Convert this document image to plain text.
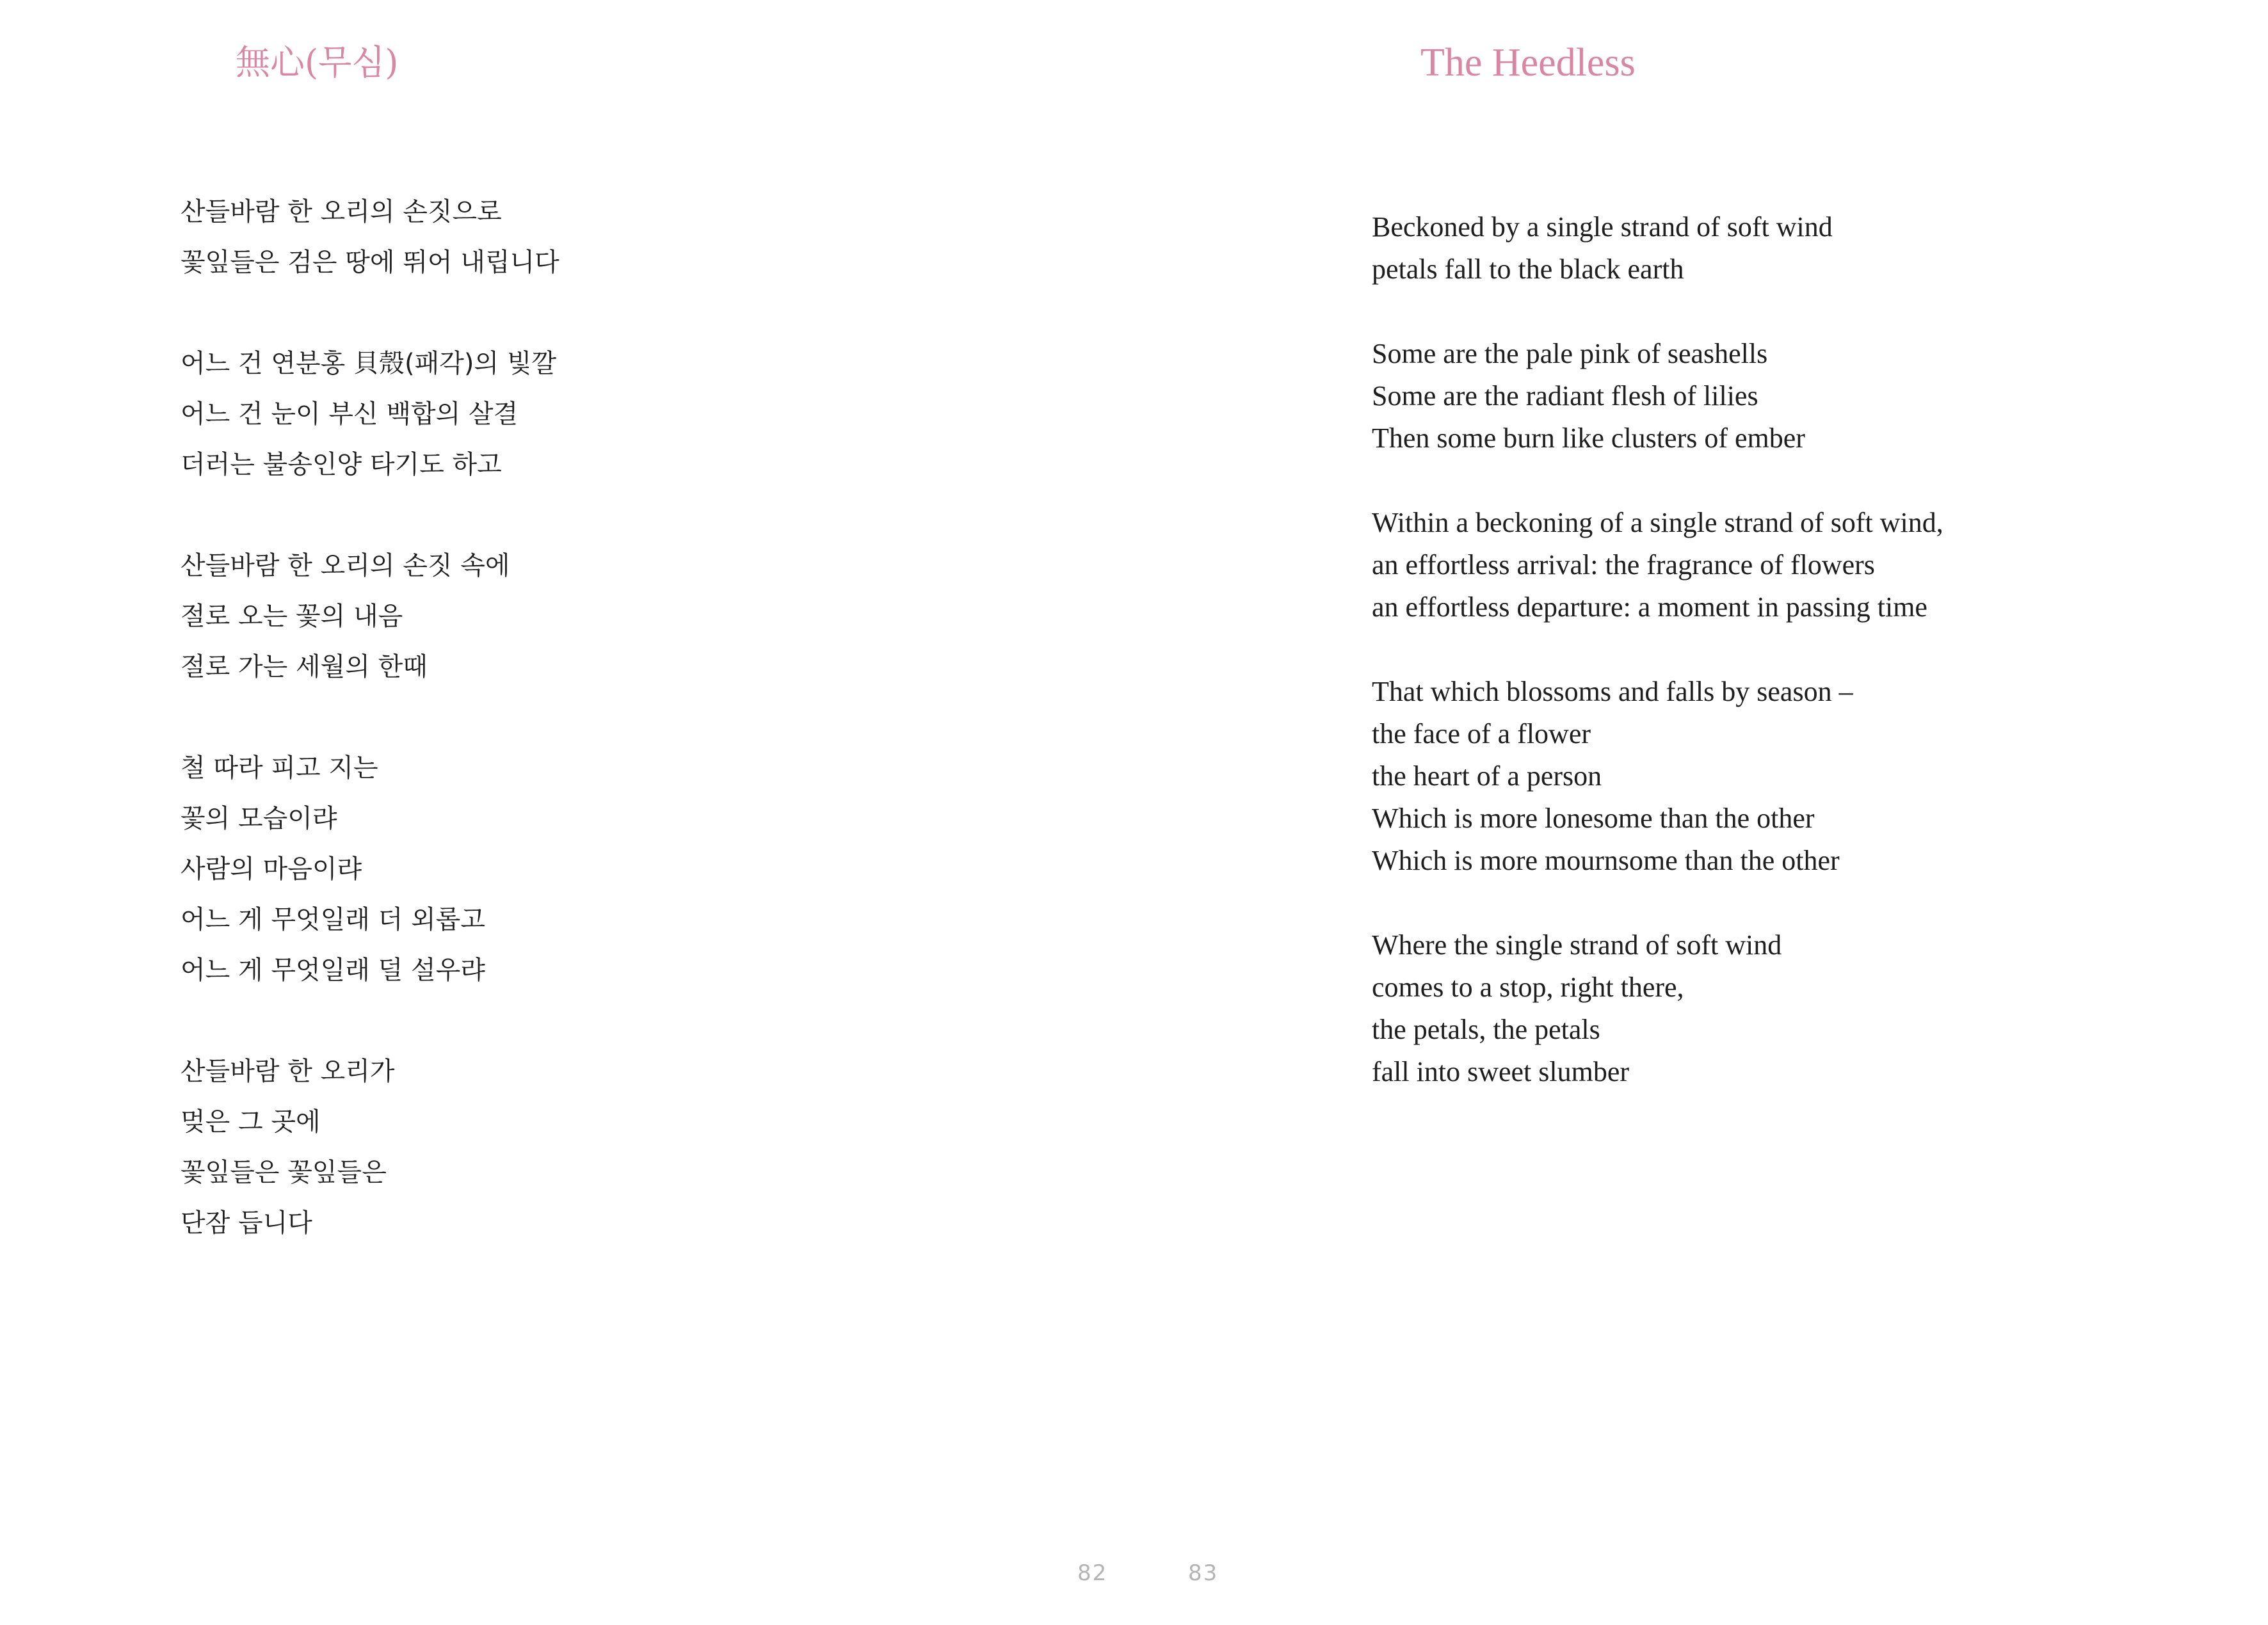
無心(무심)
산들바람 한 오리의 손짓으로
꽃잎들은 검은 땅에 뛰어 내립니다
어느 건 연분홍 貝殼(패각)의 빛깔
어느 건 눈이 부신 백합의 살결
더러는 불송인양 타기도 하고
산들바람 한 오리의 손짓 속에
절로 오는 꽃의 내음
절로 가는 세월의 한때
철 따라 피고 지는
꽃의 모습이랴
사람의 마음이랴
어느 게 무엇일래 더 외롭고
어느 게 무엇일래 덜 설우랴
산들바람 한 오리가
멎은 그 곳에
꽃잎들은 꽃잎들은
단잠 듭니다
82
The Heedless
Beckoned by a single strand of soft wind
petals fall to the black earth
Some are the pale pink of seashells
Some are the radiant flesh of lilies
Then some burn like clusters of ember
Within a beckoning of a single strand of soft wind,
an effortless arrival: the fragrance of flowers
an effortless departure: a moment in passing time
That which blossoms and falls by season –
the face of a flower
the heart of a person
Which is more lonesome than the other
Which is more mournsome than the other
Where the single strand of soft wind
comes to a stop, right there,
the petals, the petals
fall into sweet slumber
83
